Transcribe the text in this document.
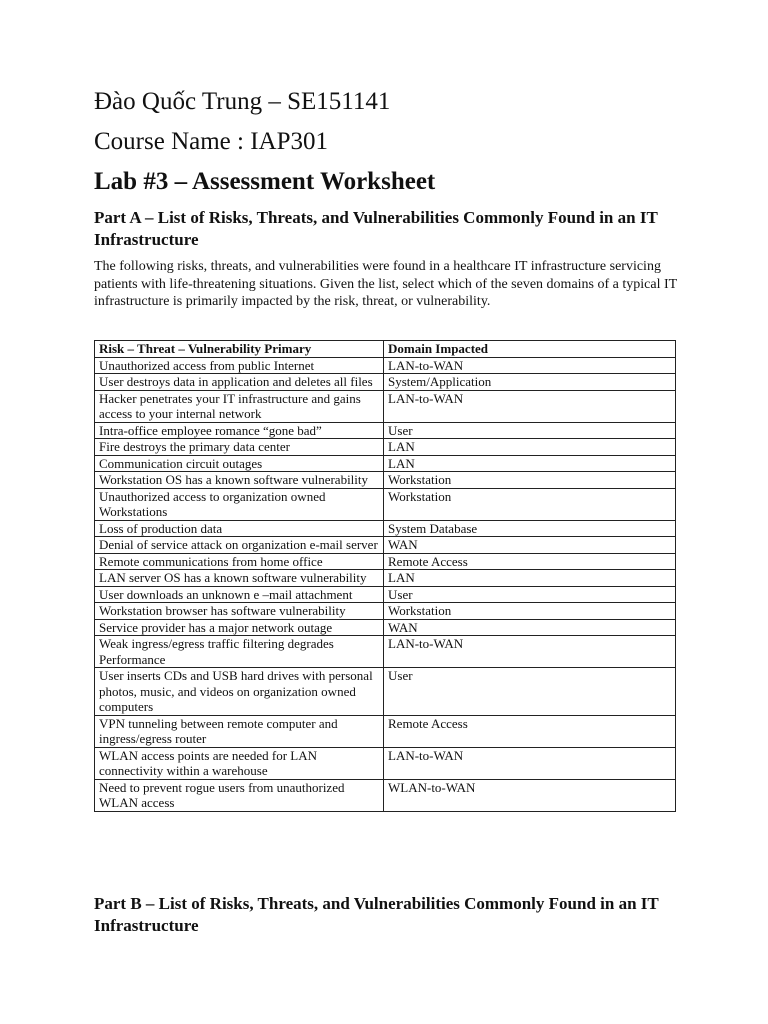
Đào Quốc Trung – SE151141
Course Name : IAP301
Lab #3 – Assessment Worksheet
Part A – List of Risks, Threats, and Vulnerabilities Commonly Found in an IT Infrastructure
The following risks, threats, and vulnerabilities were found in a healthcare IT infrastructure servicing patients with life-threatening situations. Given the list, select which of the seven domains of a typical IT infrastructure is primarily impacted by the risk, threat, or vulnerability.
Risk – Threat – Vulnerability Primary	Domain Impacted
Unauthorized access from public Internet	LAN-to-WAN
User destroys data in application and deletes all files	System/Application
Hacker penetrates your IT infrastructure and gains access to your internal network	LAN-to-WAN
Intra-office employee romance “gone bad”	User
Fire destroys the primary data center	LAN
Communication circuit outages	LAN
Workstation OS has a known software vulnerability	Workstation
Unauthorized access to organization owned Workstations	Workstation
Loss of production data	System Database
Denial of service attack on organization e-mail server	WAN
Remote communications from home office	Remote Access
LAN server OS has a known software vulnerability	LAN
User downloads an unknown e –mail attachment	User
Workstation browser has software vulnerability	Workstation
Service provider has a major network outage	WAN
Weak ingress/egress traffic filtering degrades Performance	LAN-to-WAN
User inserts CDs and USB hard drives with personal photos, music, and videos on organization owned computers	User
VPN tunneling between remote computer and ingress/egress router	Remote Access
WLAN access points are needed for LAN connectivity within a warehouse	LAN-to-WAN
Need to prevent rogue users from unauthorized WLAN access	WLAN-to-WAN
Part B – List of Risks, Threats, and Vulnerabilities Commonly Found in an IT Infrastructure
